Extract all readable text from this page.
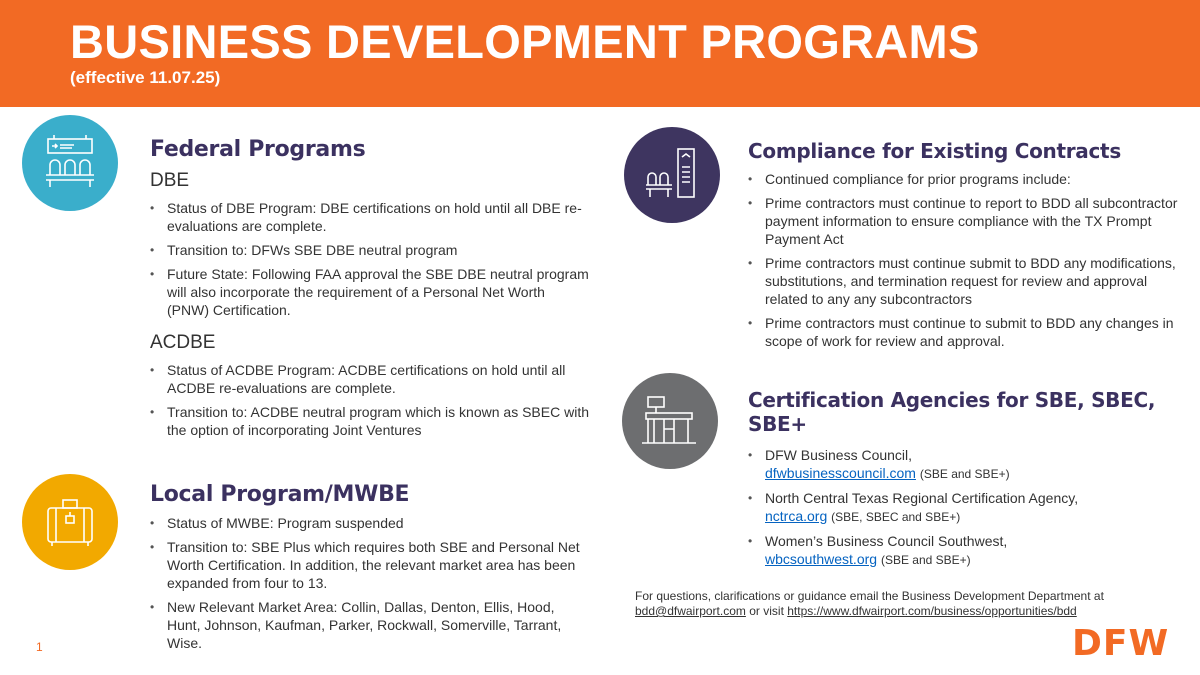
BUSINESS DEVELOPMENT PROGRAMS
(effective 11.07.25)
Federal Programs
DBE
• Status of DBE Program: DBE certifications on hold until all DBE re-evaluations are complete.
• Transition to: DFWs SBE DBE neutral program
• Future State: Following FAA approval the SBE DBE neutral program will also incorporate the requirement of a Personal Net Worth (PNW) Certification.
ACDBE
• Status of ACDBE Program: ACDBE certifications on hold until all ACDBE re-evaluations are complete.
• Transition to: ACDBE neutral program which is known as SBEC with the option of incorporating Joint Ventures
Local Program/MWBE
• Status of MWBE: Program suspended
• Transition to: SBE Plus which requires both SBE and Personal Net Worth Certification. In addition, the relevant market area has been expanded from four to 13.
• New Relevant Market Area: Collin, Dallas, Denton, Ellis, Hood, Hunt, Johnson, Kaufman, Parker, Rockwall, Somerville, Tarrant, Wise.
Compliance for Existing Contracts
• Continued compliance for prior programs include:
• Prime contractors must continue to report to BDD all subcontractor payment information to ensure compliance with the TX Prompt Payment Act
• Prime contractors must continue submit to BDD any modifications, substitutions, and termination request for review and approval related to any any subcontractors
• Prime contractors must continue to submit to BDD any changes in scope of work for review and approval.
Certification Agencies for SBE, SBEC, SBE+
• DFW Business Council,
dfwbusinesscouncil.com (SBE and SBE+)
• North Central Texas Regional Certification Agency,
nctrca.org (SBE, SBEC and SBE+)
• Women’s Business Council Southwest,
wbcsouthwest.org (SBE and SBE+)
For questions, clarifications or guidance email the Business Development Department at
bdd@dfwairport.com or visit https://www.dfwairport.com/business/opportunities/bdd
1	DFW
